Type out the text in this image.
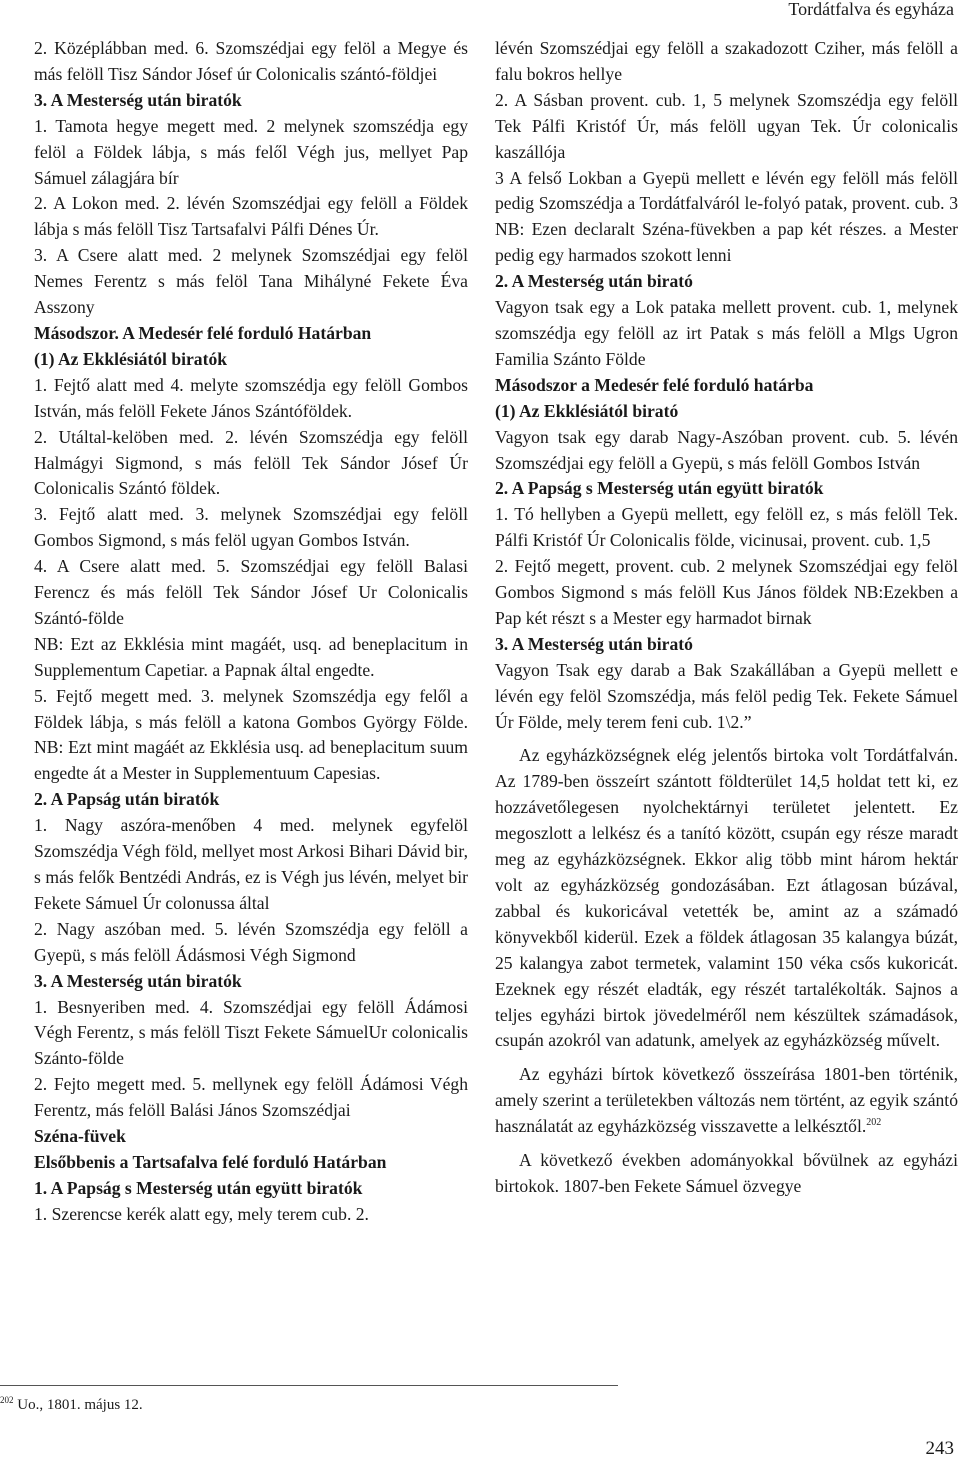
Tordátfalva és egyháza

2. Középlábban med. 6. Szomszédjai egy felöl a Megye és más felöll Tisz Sándor Jósef úr Colonicalis szántó-földjei

3. A Mesterség után biratók

1. Tamota hegye megett med. 2 melynek szomszédja egy felöl a Földek lábja, s más felől Végh jus, mellyet Pap Sámuel zálagjára bír

2. A Lokon med. 2. lévén Szomszédjai egy felöll a Földek lábja s más felöll Tisz Tartsafalvi Pálfi Dénes Úr.

3. A Csere alatt med. 2 melynek Szomszédjai egy felöl Nemes Ferentz s más felöl Tana Mihályné Fekete Éva Asszony

Másodszor. A Medesér felé forduló Határban

(1) Az Ekklésiától biratók

1. Fejtő alatt med 4. melyte szomszédja egy felöll Gombos István, más felöll Fekete János Szántóföldek.

2. Utáltal-kelöben med. 2. lévén Szomszédja egy felöll Halmágyi Sigmond, s más felöll Tek Sándor Jósef Úr Colonicalis Szántó földek.

3. Fejtő alatt med. 3. melynek Szomszédjai egy felöll Gombos Sigmond, s más felöl ugyan Gombos István.

4. A Csere alatt med. 5. Szomszédjai egy felöll Balasi Ferencz és más felöll Tek Sándor Jósef Ur Colonicalis Szántó-földe

NB: Ezt az Ekklésia mint magáét, usq. ad beneplacitum in Supplementum Capetiar. a Papnak által engedte.

5. Fejtő megett med. 3. melynek Szomszédja egy felől a Földek lábja, s más felöll a katona Gombos György Földe. NB: Ezt mint magáét az Ekklésia usq. ad beneplacitum suum engedte át a Mester in Supplementuum Capesias.

2. A Papság után biratók

1. Nagy aszóra-menőben 4 med. melynek egyfelöl Szomszédja Végh föld, mellyet most Arkosi Bihari Dávid bir, s más felők Bentzédi András, ez is Végh jus lévén, melyet bir Fekete Sámuel Úr colonussa által

2. Nagy aszóban med. 5. lévén Szomszédja egy felöll a Gyepü, s más felöll Ádásmosi Végh Sigmond

3. A Mesterség után biratók

1. Besnyeriben med. 4. Szomszédjai egy felöll Ádámosi Végh Ferentz, s más felöll Tiszt Fekete SámuelUr colonicalis Szánto-földe

2. Fejto megett med. 5. mellynek egy felöll Ádámosi Végh Ferentz, más felöll Balási János Szomszédjai

Széna-füvek

Elsőbbenis a Tartsafalva felé forduló Határban

1. A Papság s Mesterség után együtt biratók

1. Szerencse kerék alatt egy, mely terem cub. 2.

lévén Szomszédjai egy felöll a szakadozott Cziher, más felöll a falu bokros hellye

2. A Sásban provent. cub. 1, 5 melynek Szomszédja egy felöll Tek Pálfi Kristóf Úr, más felöll ugyan Tek. Úr colonicalis kaszállója

3 A felső Lokban a Gyepü mellett e lévén egy felöll más felöll pedig Szomszédja a Tordátfalváról le-folyó patak, provent. cub. 3 NB: Ezen declaralt Széna-füvekben a pap két részes. a Mester pedig egy harmados szokott lenni

2. A Mesterség után birató

Vagyon tsak egy a Lok pataka mellett provent. cub. 1, melynek szomszédja egy felöll az irt Patak s más felöll a Mlgs Ugron Familia Szánto Földe

Másodszor a Medesér felé forduló határba

(1) Az Ekklésiától birató

Vagyon tsak egy darab Nagy-Aszóban provent. cub. 5. lévén Szomszédjai egy felöll a Gyepü, s más felöll Gombos István

2. A Papság s Mesterség után együtt biratók

1. Tó hellyben a Gyepü mellett, egy felöll ez, s más felöll Tek. Pálfi Kristóf Úr Colonicalis földe, vicinusai, provent. cub. 1,5

2. Fejtő megett, provent. cub. 2 melynek Szomszédjai egy felöl Gombos Sigmond s más felöll Kus János földek NB:Ezekben a Pap két részt s a Mester egy harmadot birnak

3. A Mesterség után birató

Vagyon Tsak egy darab a Bak Szakállában a Gyepü mellett e lévén egy felöl Szomszédja, más felöl pedig Tek. Fekete Sámuel Úr Földe, mely terem feni cub. 1\2.”

Az egyházközségnek elég jelentős birtoka volt Tordátfalván. Az 1789-ben összeírt szántott földterület 14,5 holdat tett ki, ez hozzávetőlegesen nyolchektárnyi területet jelentett. Ez megoszlott a lelkész és a tanító között, csupán egy része maradt meg az egyházközségnek. Ekkor alig több mint három hektár volt az egyházközség gondozásában. Ezt átlagosan búzával, zabbal és kukoricával vetették be, amint az a számadó könyvekből kiderül. Ezek a földek átlagosan 35 kalangya búzát, 25 kalangya zabot termetek, valamint 150 véka csős kukoricát. Ezeknek egy részét eladták, egy részét tartalékolták. Sajnos a teljes egyházi birtok jövedelméről nem készültek számadások, csupán azokról van adatunk, amelyek az egyházközség művelt.

Az egyházi bírtok következő összeírása 1801-ben történik, amely szerint a területekben változás nem történt, az egyik szántó használatát az egyházközség visszavette a lelkésztől.$^{202}$

A következő években adományokkal bővülnek az egyházi birtokok. 1807-ben Fekete Sámuel özvegye

$^{202}$ Uo., 1801. május 12.
243
